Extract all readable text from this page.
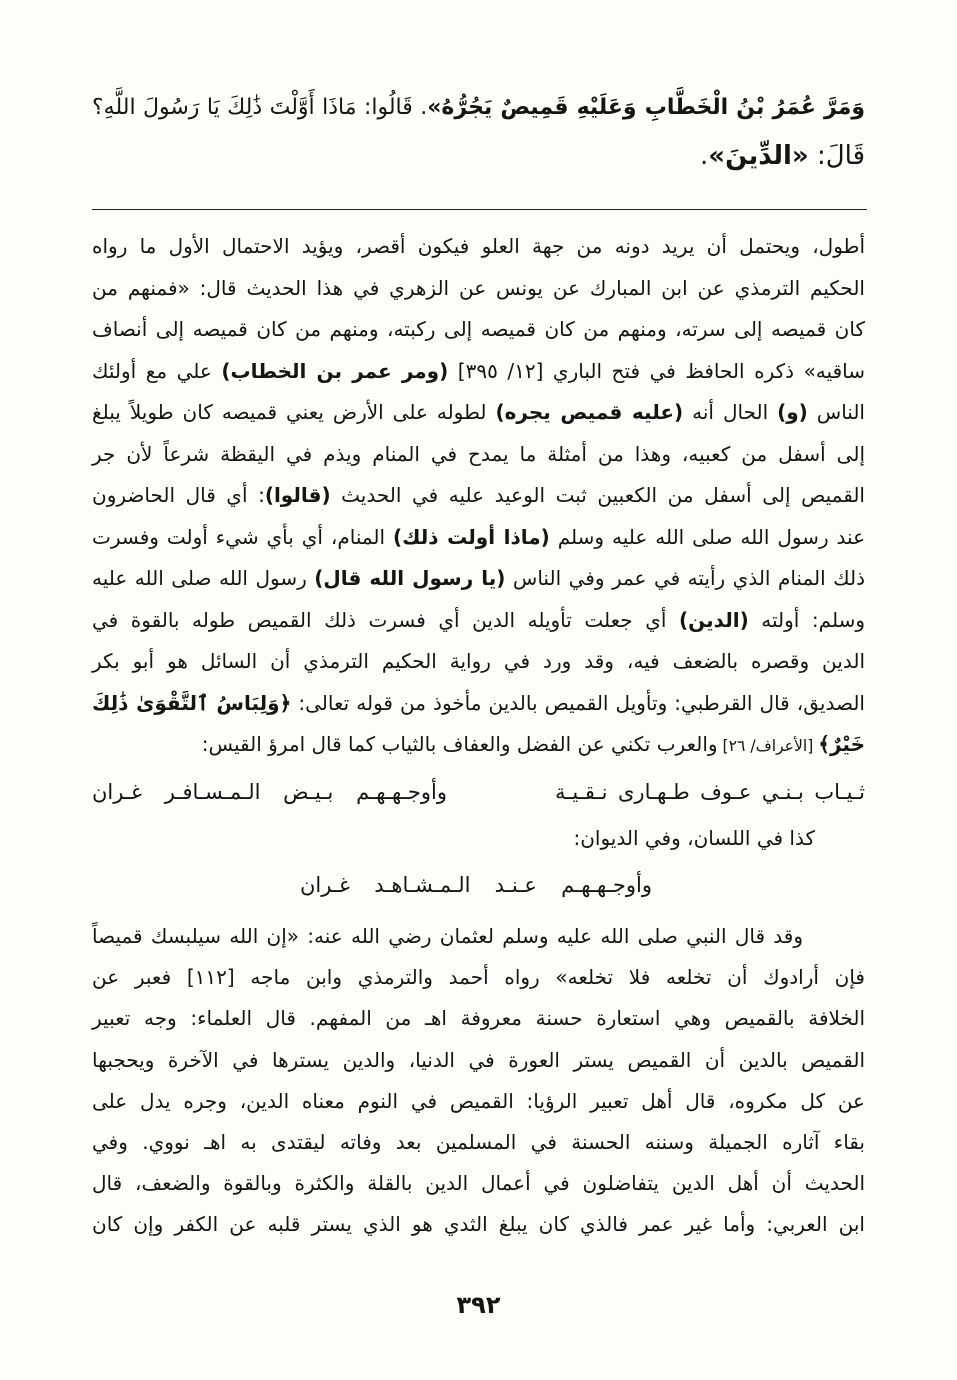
وَمَرَّ عُمَرُ بْنُ الْخَطَّابِ وَعَلَيْهِ قَمِيصٌ يَجُرُّهُ». قَالُوا: مَاذَا أَوَّلْتَ ذَٰلِكَ يَا رَسُولَ اللَّهِ؟
قَالَ: «الدِّينَ».
أطول، ويحتمل أن يريد دونه من جهة العلو فيكون أقصر، ويؤيد الاحتمال الأول ما رواه
الحكيم الترمذي عن ابن المبارك عن يونس عن الزهري في هذا الحديث قال: «فمنهم من
كان قميصه إلى سرته، ومنهم من كان قميصه إلى ركبته، ومنهم من كان قميصه إلى أنصاف
ساقيه» ذكره الحافظ في فتح الباري [١٢/ ٣٩٥] (ومر عمر بن الخطاب) علي مع أولئك
الناس (و) الحال أنه (عليه قميص يجره) لطوله على الأرض يعني قميصه كان طويلاً يبلغ
إلى أسفل من كعبيه، وهذا من أمثلة ما يمدح في المنام ويذم في اليقظة شرعاً لأن جر
القميص إلى أسفل من الكعبين ثبت الوعيد عليه في الحديث (قالوا): أي قال الحاضرون
عند رسول الله صلى الله عليه وسلم (ماذا أولت ذلك) المنام، أي بأي شيء أولت وفسرت
ذلك المنام الذي رأيته في عمر وفي الناس (يا رسول الله قال) رسول الله صلى الله عليه
وسلم: أولته (الدين) أي جعلت تأويله الدين أي فسرت ذلك القميص طوله بالقوة في
الدين وقصره بالضعف فيه، وقد ورد في رواية الحكيم الترمذي أن السائل هو أبو بكر
الصديق، قال القرطبي: وتأويل القميص بالدين مأخوذ من قوله تعالى: ﴿وَلِبَاسُ ٱلتَّقْوَىٰ ذَٰلِكَ
خَيْرٌ﴾ [الأعراف/ ٢٦] والعرب تكني عن الفضل والعفاف بالثياب كما قال امرؤ القيس:
ثـيـاب بـنـي عـوف طـهـارى نـقـيـة
وأوجـهـهـم بـيـض الـمـسـافـر غـران
كذا في اللسان، وفي الديوان:
وأوجـهـهـم عـنـد الـمـشـاهـد غـران
وقد قال النبي صلى الله عليه وسلم لعثمان رضي الله عنه: «إن الله سيلبسك قميصاً
فإن أرادوك أن تخلعه فلا تخلعه» رواه أحمد والترمذي وابن ماجه [١١٢] فعبر عن
الخلافة بالقميص وهي استعارة حسنة معروفة اهـ من المفهم. قال العلماء: وجه تعبير
القميص بالدين أن القميص يستر العورة في الدنيا، والدين يسترها في الآخرة ويحجبها
عن كل مكروه، قال أهل تعبير الرؤيا: القميص في النوم معناه الدين، وجره يدل على
بقاء آثاره الجميلة وسننه الحسنة في المسلمين بعد وفاته ليقتدى به اهـ نووي. وفي
الحديث أن أهل الدين يتفاضلون في أعمال الدين بالقلة والكثرة وبالقوة والضعف، قال
ابن العربي: وأما غير عمر فالذي كان يبلغ الثدي هو الذي يستر قلبه عن الكفر وإن كان
٣٩٢
